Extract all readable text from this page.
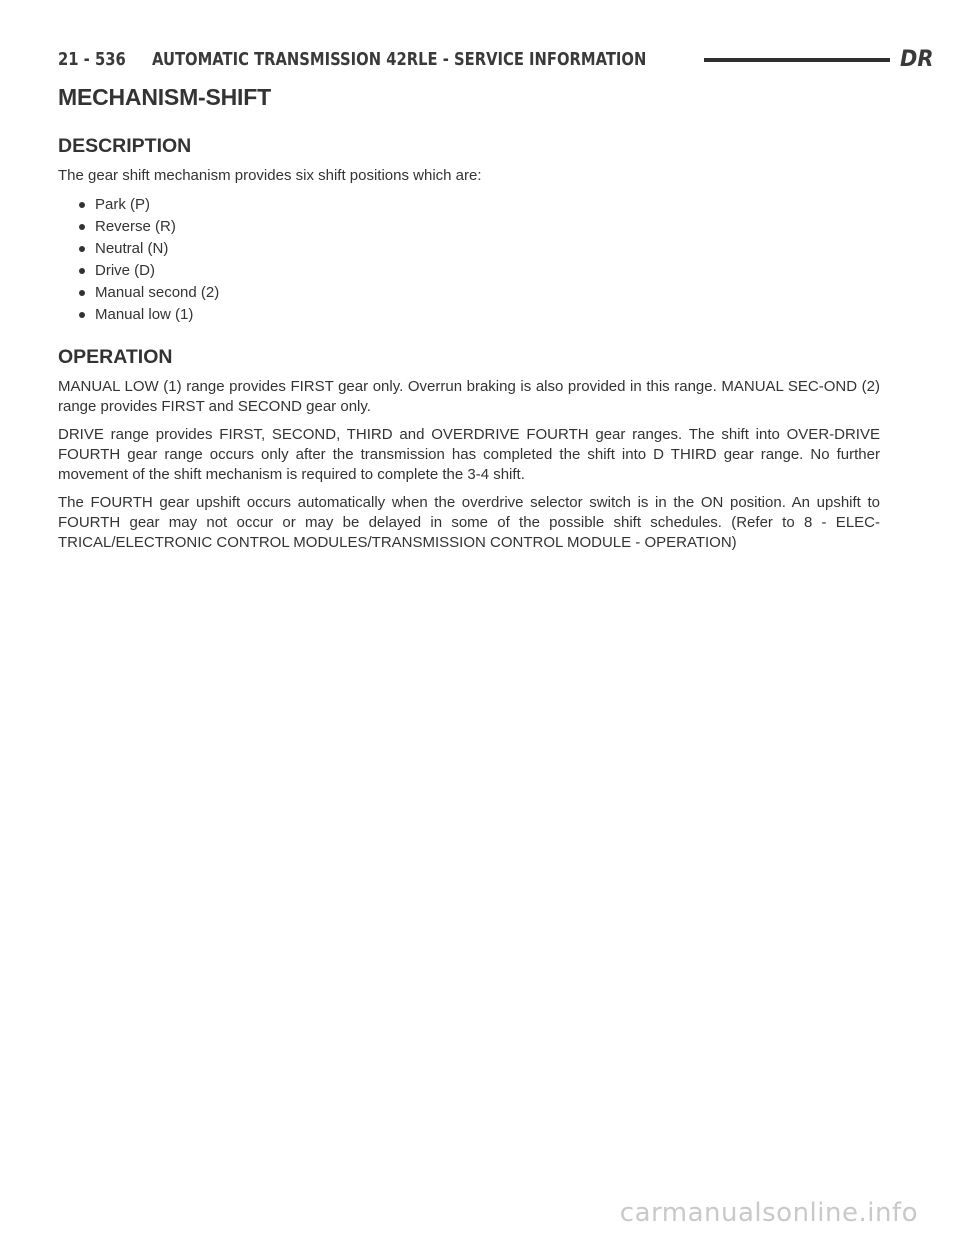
21 - 536 AUTOMATIC TRANSMISSION 42RLE - SERVICE INFORMATION	DR
MECHANISM-SHIFT
DESCRIPTION

The gear shift mechanism provides six shift positions which are:

Park (P)
Reverse (R)
Neutral (N)
Drive (D)
Manual second (2)
Manual low (1)
OPERATION

MANUAL LOW (1) range provides FIRST gear only. Overrun braking is also provided in this range. MANUAL SEC-OND (2) range provides FIRST and SECOND gear only.

DRIVE range provides FIRST, SECOND, THIRD and OVERDRIVE FOURTH gear ranges. The shift into OVER-DRIVE FOURTH gear range occurs only after the transmission has completed the shift into D THIRD gear range. No further movement of the shift mechanism is required to complete the 3-4 shift.

The FOURTH gear upshift occurs automatically when the overdrive selector switch is in the ON position. An upshift to FOURTH gear may not occur or may be delayed in some of the possible shift schedules. (Refer to 8 - ELEC-TRICAL/ELECTRONIC CONTROL MODULES/TRANSMISSION CONTROL MODULE - OPERATION)

carmanualsonline.info
